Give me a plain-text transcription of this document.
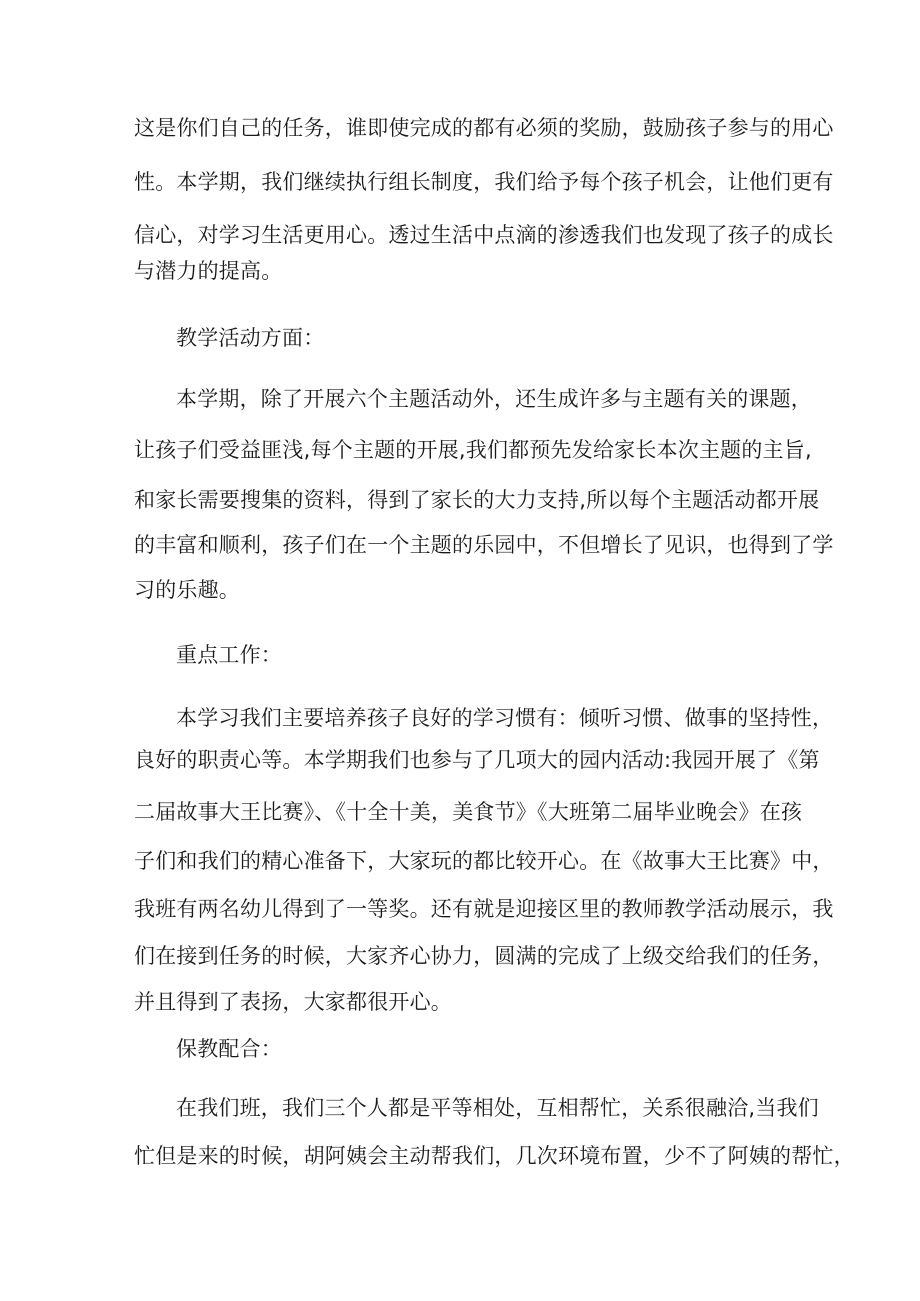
这是你们自己的任务，谁即使完成的都有必须的奖励，鼓励孩子参与的用心
性。本学期，我们继续执行组长制度，我们给予每个孩子机会，让他们更有
信心，对学习生活更用心。透过生活中点滴的渗透我们也发现了孩子的成长
与潜力的提高。
教学活动方面：
本学期，除了开展六个主题活动外，还生成许多与主题有关的课题，
让孩子们受益匪浅,每个主题的开展,我们都预先发给家长本次主题的主旨,
和家长需要搜集的资料，得到了家长的大力支持,所以每个主题活动都开展
的丰富和顺利，孩子们在一个主题的乐园中，不但增长了见识，也得到了学
习的乐趣。
重点工作：
本学习我们主要培养孩子良好的学习惯有：倾听习惯、做事的坚持性，
良好的职责心等。本学期我们也参与了几项大的园内活动:我园开展了《第
二届故事大王比赛》、《十全十美，美食节》《大班第二届毕业晚会》在孩
子们和我们的精心准备下，大家玩的都比较开心。在《故事大王比赛》中，
我班有两名幼儿得到了一等奖。还有就是迎接区里的教师教学活动展示，我
们在接到任务的时候，大家齐心协力，圆满的完成了上级交给我们的任务，
并且得到了表扬，大家都很开心。
保教配合：
在我们班，我们三个人都是平等相处，互相帮忙，关系很融洽,当我们
忙但是来的时候，胡阿姨会主动帮我们，几次环境布置，少不了阿姨的帮忙，
